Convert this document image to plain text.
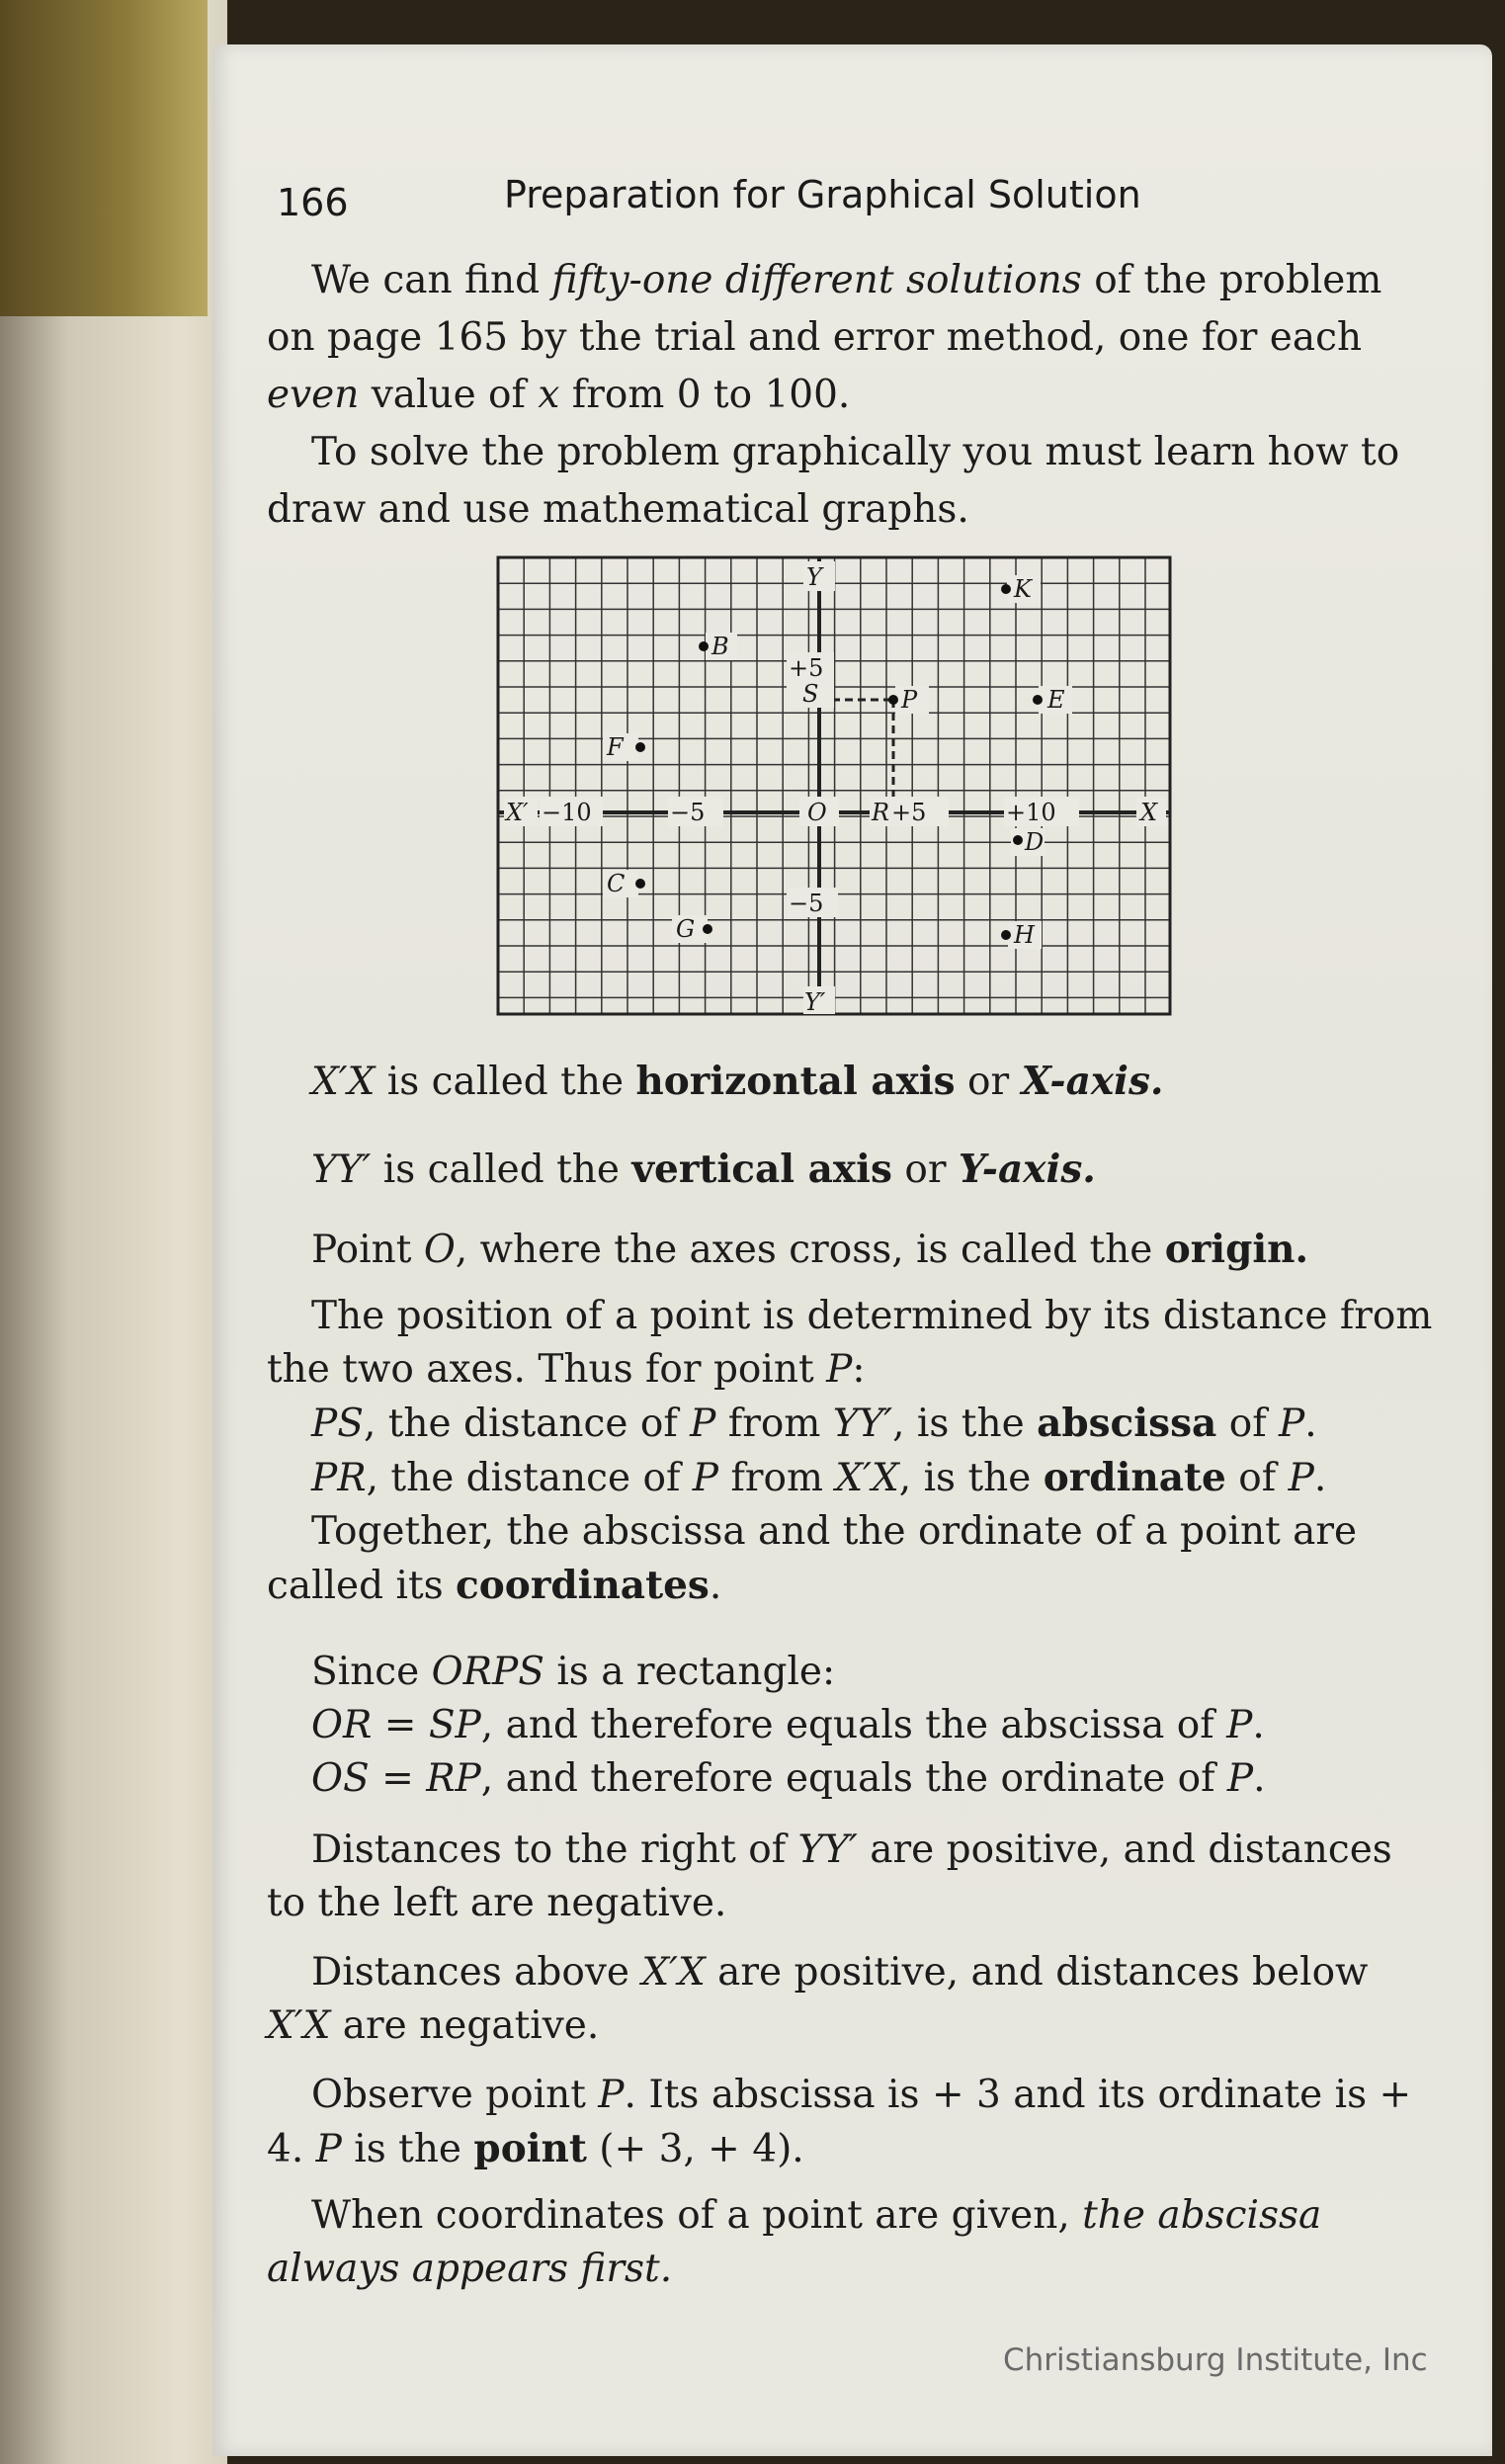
166	Preparation for Graphical Solution

We can find fifty-one different solutions of the problem on page 165 by the trial and error method, one for each even value of x from 0 to 100.

To solve the problem graphically you must learn how to draw and use mathematical graphs.

X′ −10	−5	O R +5	+10	X
Y
+5
S
−5
Y′
K
B
P	E
F
D
C
G	H

X′X is called the horizontal axis or X-axis.

YY′ is called the vertical axis or Y-axis.

Point O, where the axes cross, is called the origin.

The position of a point is determined by its distance from the two axes. Thus for point P:

PS, the distance of P from YY′, is the abscissa of P.

PR, the distance of P from X′X, is the ordinate of P.

Together, the abscissa and the ordinate of a point are called its coordinates.

Since ORPS is a rectangle:

OR = SP, and therefore equals the abscissa of P.

OS = RP, and therefore equals the ordinate of P.

Distances to the right of YY′ are positive, and distances to the left are negative.

Distances above X′X are positive, and distances below X′X are negative.

Observe point P. Its abscissa is + 3 and its ordinate is + 4. P is the point (+ 3, + 4).

When coordinates of a point are given, the abscissa always appears first.

Christiansburg Institute, Inc
